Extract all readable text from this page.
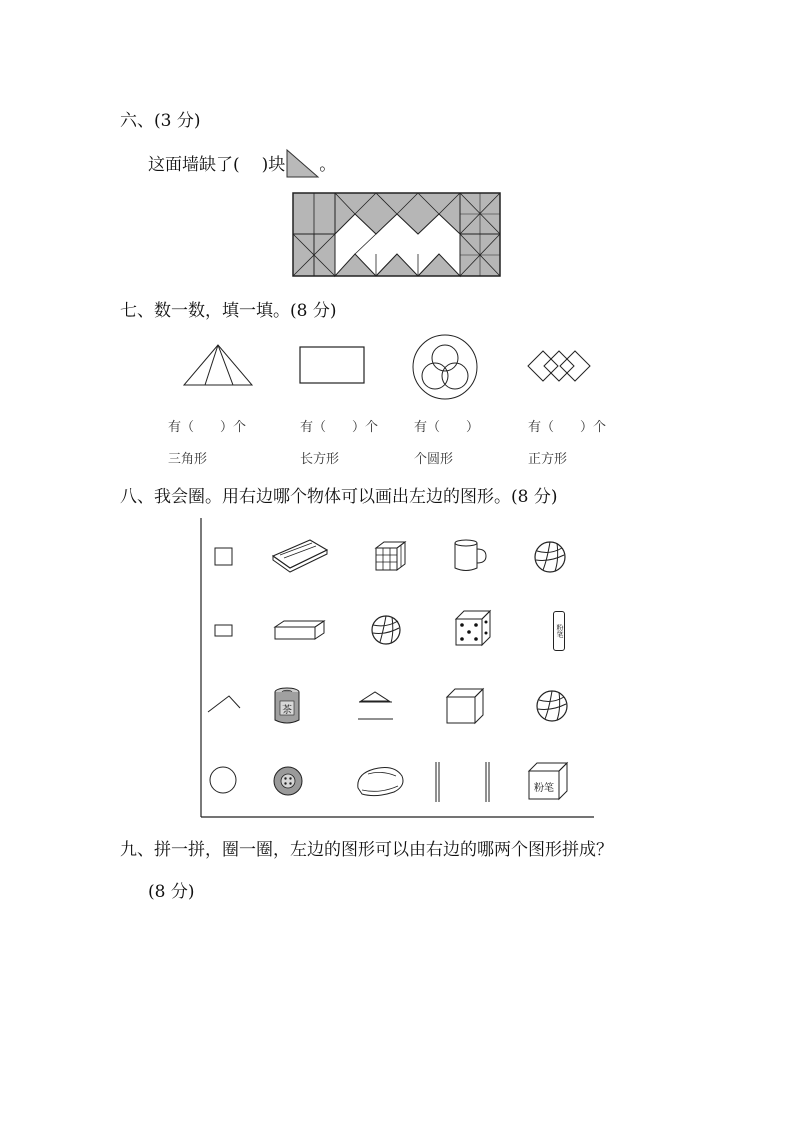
六、(3 分)
这面墙缺了( )块 。
七、数一数，填一填。(8 分)
有（　　）个
三角形
有（　　）个
长方形
有（　　）
个圆形
有（　　）个
正方形
八、我会圈。用右边哪个物体可以画出左边的图形。(8 分)
粉笔
茶
粉笔
九、拼一拼，圈一圈，左边的图形可以由右边的哪两个图形拼成？
(8 分)
